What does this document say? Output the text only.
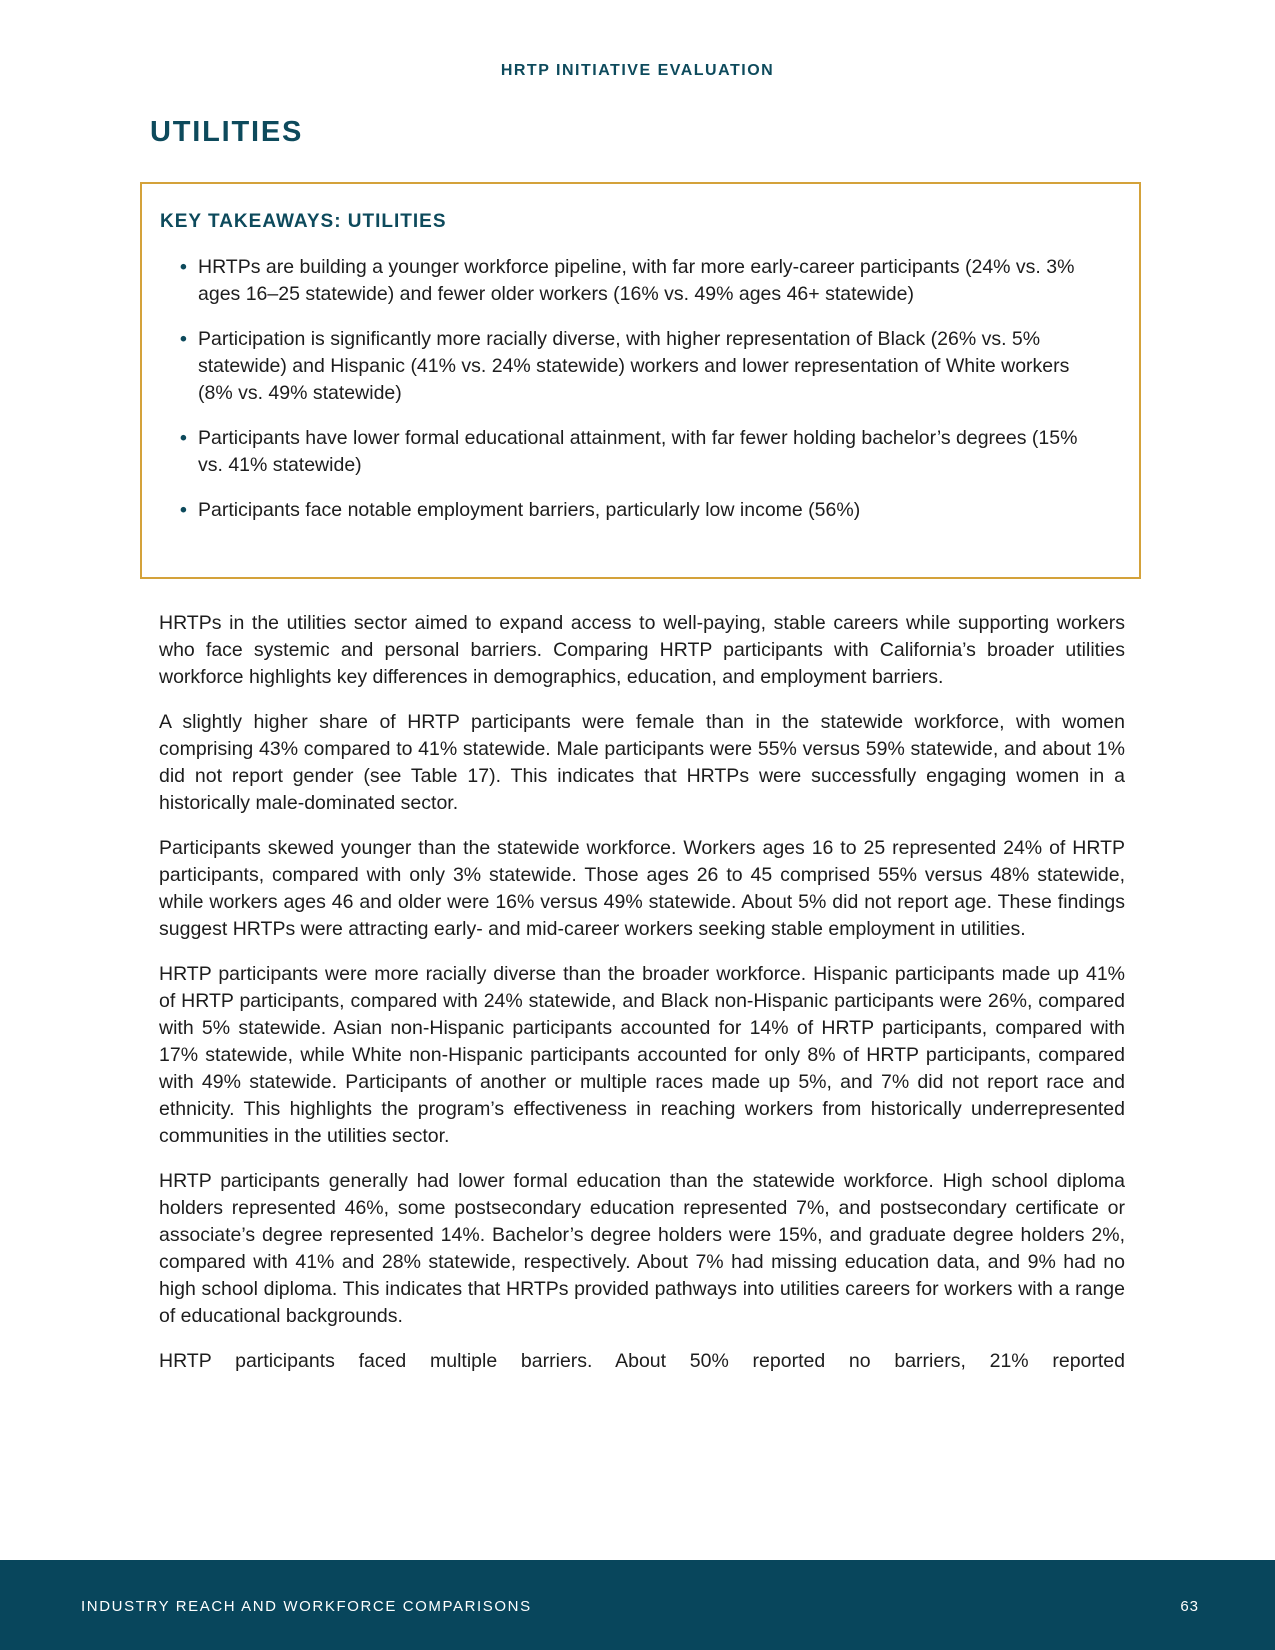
HRTP INITIATIVE EVALUATION
UTILITIES
KEY TAKEAWAYS: UTILITIES
• HRTPs are building a younger workforce pipeline, with far more early-career participants (24% vs. 3% ages 16–25 statewide) and fewer older workers (16% vs. 49% ages 46+ statewide)
• Participation is significantly more racially diverse, with higher representation of Black (26% vs. 5% statewide) and Hispanic (41% vs. 24% statewide) workers and lower representation of White workers (8% vs. 49% statewide)
• Participants have lower formal educational attainment, with far fewer holding bachelor’s degrees (15% vs. 41% statewide)
• Participants face notable employment barriers, particularly low income (56%)

HRTPs in the utilities sector aimed to expand access to well-paying, stable careers while supporting workers who face systemic and personal barriers. Comparing HRTP participants with California’s broader utilities workforce highlights key differences in demographics, education, and employment barriers.

A slightly higher share of HRTP participants were female than in the statewide workforce, with women comprising 43% compared to 41% statewide. Male participants were 55% versus 59% statewide, and about 1% did not report gender (see Table 17). This indicates that HRTPs were successfully engaging women in a historically male-dominated sector.

Participants skewed younger than the statewide workforce. Workers ages 16 to 25 represented 24% of HRTP participants, compared with only 3% statewide. Those ages 26 to 45 comprised 55% versus 48% statewide, while workers ages 46 and older were 16% versus 49% statewide. About 5% did not report age. These findings suggest HRTPs were attracting early- and mid-career workers seeking stable employment in utilities.

HRTP participants were more racially diverse than the broader workforce. Hispanic participants made up 41% of HRTP participants, compared with 24% statewide, and Black non-Hispanic participants were 26%, compared with 5% statewide. Asian non-Hispanic participants accounted for 14% of HRTP participants, compared with 17% statewide, while White non-Hispanic participants accounted for only 8% of HRTP participants, compared with 49% statewide. Participants of another or multiple races made up 5%, and 7% did not report race and ethnicity. This highlights the program’s effectiveness in reaching workers from historically underrepresented communities in the utilities sector.

HRTP participants generally had lower formal education than the statewide workforce. High school diploma holders represented 46%, some postsecondary education represented 7%, and postsecondary certificate or associate’s degree represented 14%. Bachelor’s degree holders were 15%, and graduate degree holders 2%, compared with 41% and 28% statewide, respectively. About 7% had missing education data, and 9% had no high school diploma. This indicates that HRTPs provided pathways into utilities careers for workers with a range of educational backgrounds.

HRTP participants faced multiple barriers. About 50% reported no barriers, 21% reported

INDUSTRY REACH AND WORKFORCE COMPARISONS	63
